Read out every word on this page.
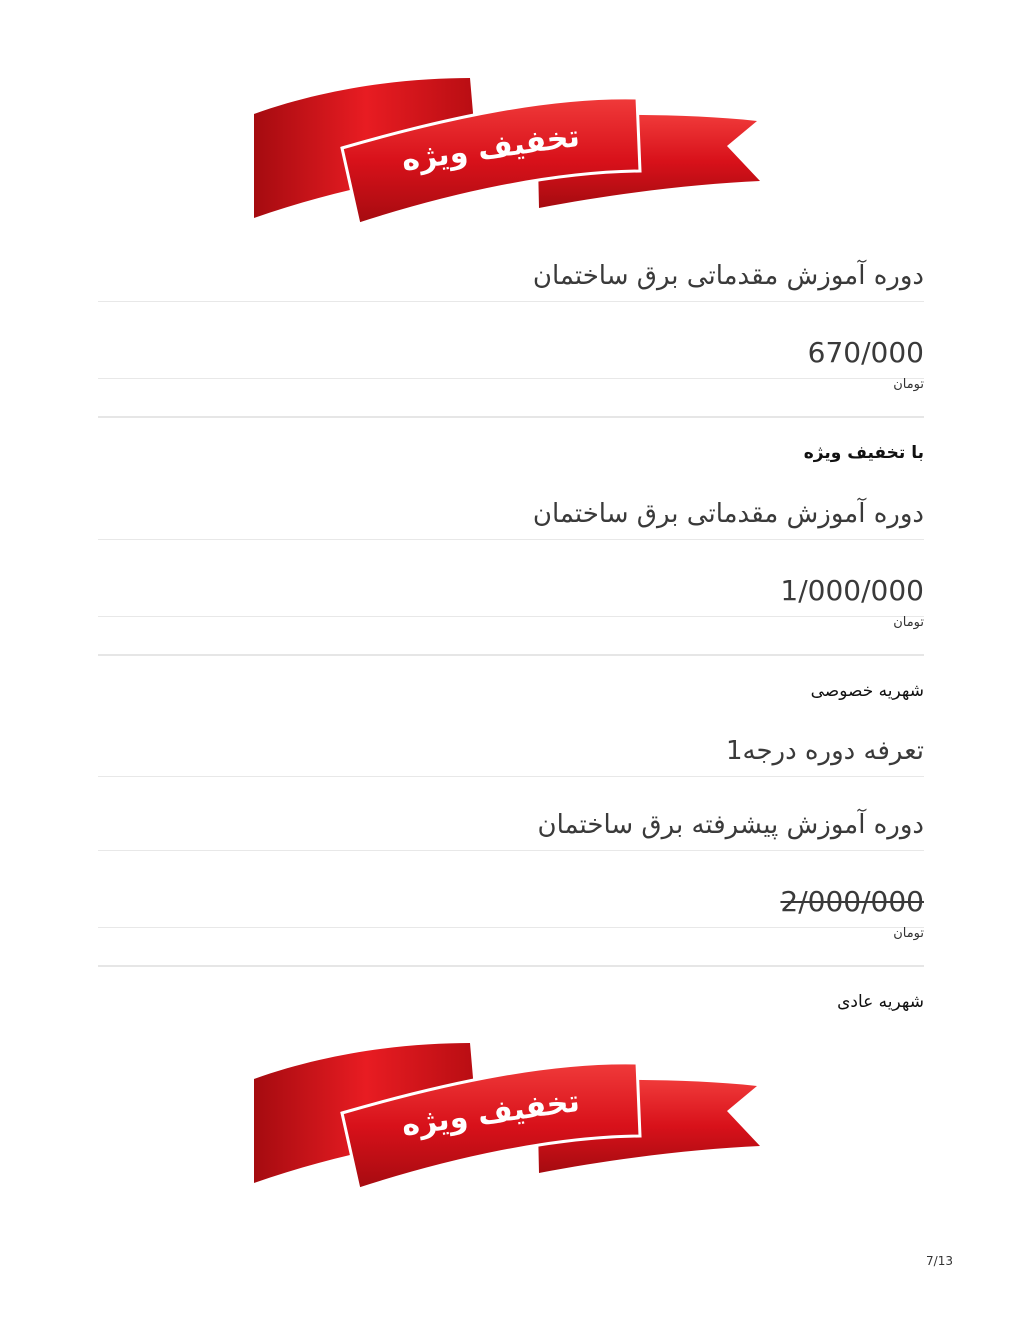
تخفیف ویژه
دوره آموزش مقدماتی برق ساختمان
670/000
تومان
با تخفیف ویژه
دوره آموزش مقدماتی برق ساختمان
1/000/000
تومان
شهریه خصوصی
تعرفه دوره درجه1
دوره آموزش پیشرفته برق ساختمان
2/000/000
تومان
شهریه عادی
تخفیف ویژه
7/13
